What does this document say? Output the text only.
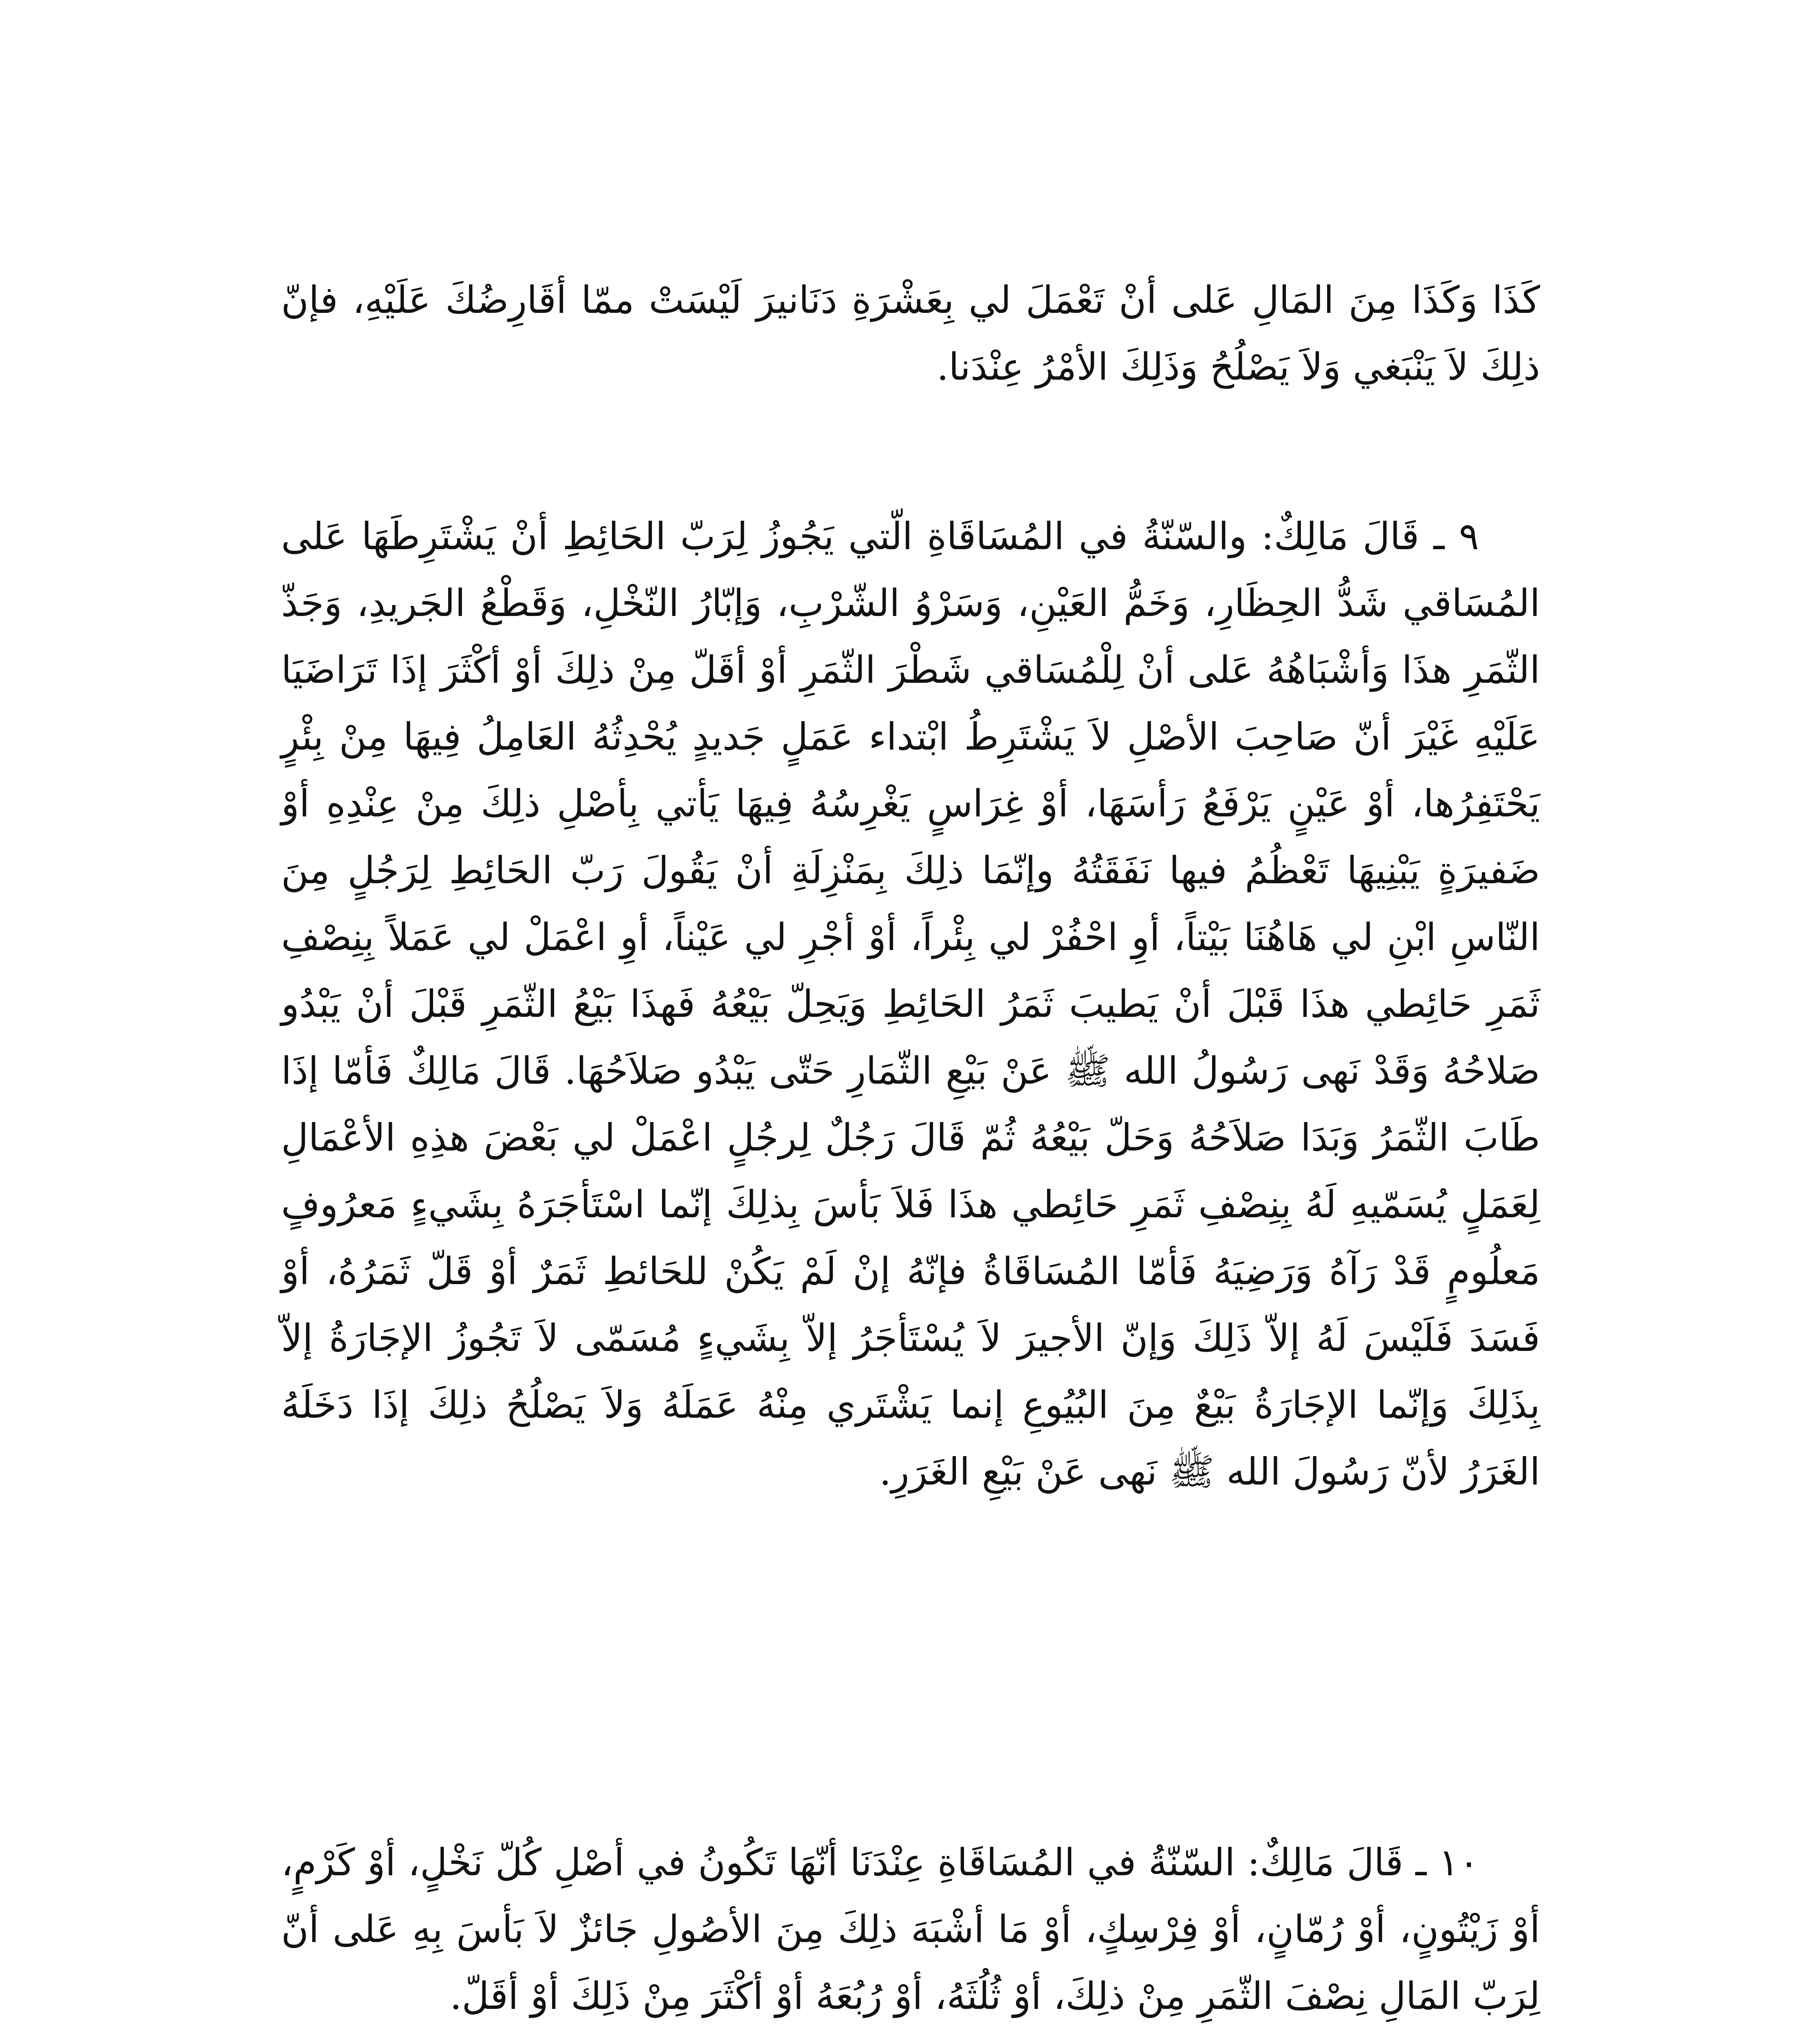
كَذَا وَكَذَا مِنَ المَالِ عَلى أنْ تَعْمَلَ لي بِعَشْرَةِ دَنَانيرَ لَيْسَتْ ممّا أقَارِضُكَ عَلَيْهِ، فإنّ ذلِكَ لاَ يَنْبَغي وَلاَ يَصْلُحُ وَذَلِكَ الأمْرُ عِنْدَنا.

٩ ـ قَالَ مَالِكٌ: والسّنّةُ في المُسَاقَاةِ الّتي يَجُوزُ لِرَبّ الحَائِطِ أنْ يَشْتَرِطَهَا عَلى المُسَاقي شَدُّ الحِظَارِ، وَخَمُّ العَيْنِ، وَسَرْوُ الشّرْبِ، وَإبّارُ النّخْلِ، وَقَطْعُ الجَريدِ، وَجَذّ الثّمَرِ هذَا وَأشْبَاهُهُ عَلى أنْ لِلْمُسَاقي شَطْرَ الثّمَرِ أوْ أقَلّ مِنْ ذلِكَ أوْ أكْثَرَ إذَا تَرَاضَيَا عَلَيْهِ غَيْرَ أنّ صَاحِبَ الأصْلِ لاَ يَشْتَرِطُ ابْتداء عَمَلٍ جَديدٍ يُحْدِثُهُ العَامِلُ فِيهَا مِنْ بِئْرٍ يَحْتَفِرُها، أوْ عَيْنٍ يَرْفَعُ رَأسَهَا، أوْ غِرَاسٍ يَغْرِسُهُ فِيهَا يَأتي بِأصْلِ ذلِكَ مِنْ عِنْدِهِ أوْ ضَفيرَةٍ يَبْنِيهَا تَعْظُمُ فيها نَفَقَتُهُ وإنّمَا ذلِكَ بِمَنْزِلَةِ أنْ يَقُولَ رَبّ الحَائِطِ لِرَجُلٍ مِنَ النّاسِ ابْنِ لي هَاهُنَا بَيْتاً، أوِ احْفُرْ لي بِئْراً، أوْ أجْرِ لي عَيْناً، أوِ اعْمَلْ لي عَمَلاً بِنِصْفِ ثَمَرِ حَائِطي هذَا قَبْلَ أنْ يَطيبَ ثَمَرُ الحَائِطِ وَيَحِلّ بَيْعُهُ فَهذَا بَيْعُ الثّمَرِ قَبْلَ أنْ يَبْدُو صَلاحُهُ وَقَدْ نَهى رَسُولُ الله ﷺ عَنْ بَيْعِ الثّمَارِ حَتّى يَبْدُو صَلاَحُهَا. قَالَ مَالِكٌ فَأمّا إذَا طَابَ الثّمَرُ وَبَدَا صَلاَحُهُ وَحَلّ بَيْعُهُ ثُمّ قَالَ رَجُلٌ لِرجُلٍ اعْمَلْ لي بَعْضَ هذِهِ الأعْمَالِ لِعَمَلٍ يُسَمّيهِ لَهُ بِنِصْفِ ثَمَرِ حَائِطي هذَا فَلاَ بَأسَ بِذلِكَ إنّما اسْتَأجَرَهُ بِشَيءٍ مَعرُوفٍ مَعلُومٍ قَدْ رَآهُ وَرَضِيَهُ فَأمّا المُسَاقَاةُ فإنّهُ إنْ لَمْ يَكُنْ للحَائطِ ثَمَرٌ أوْ قَلّ ثَمَرُهُ، أوْ فَسَدَ فَلَيْسَ لَهُ إلاّ ذَلِكَ وَإنّ الأجيرَ لاَ يُسْتَأجَرُ إلاّ بِشَيءٍ مُسَمّى لاَ تَجُوزُ الإجَارَةُ إلاّ بِذَلِكَ وَإنّما الإجَارَةُ بَيْعٌ مِنَ البُيُوعِ إنما يَشْتَري مِنْهُ عَمَلَهُ وَلاَ يَصْلُحُ ذلِكَ إذَا دَخَلَهُ الغَرَرُ لأنّ رَسُولَ الله ﷺ نَهى عَنْ بَيْعِ الغَرَرِ.

١٠ ـ قَالَ مَالِكٌ: السّنّةُ في المُسَاقَاةِ عِنْدَنَا أنّهَا تَكُونُ في أصْلِ كُلّ نَخْلٍ، أوْ كَرْمٍ، أوْ زَيْتُونٍ، أوْ رُمّانٍ، أوْ فِرْسِكٍ، أوْ مَا أشْبَهَ ذلِكَ مِنَ الأصُولِ جَائزٌ لاَ بَأسَ بِهِ عَلى أنّ لِرَبّ المَالِ نِصْفَ الثّمَرِ مِنْ ذلِكَ، أوْ ثُلُثَهُ، أوْ رُبُعَهُ أوْ أكْثَرَ مِنْ ذَلِكَ أوْ أقَلّ.
